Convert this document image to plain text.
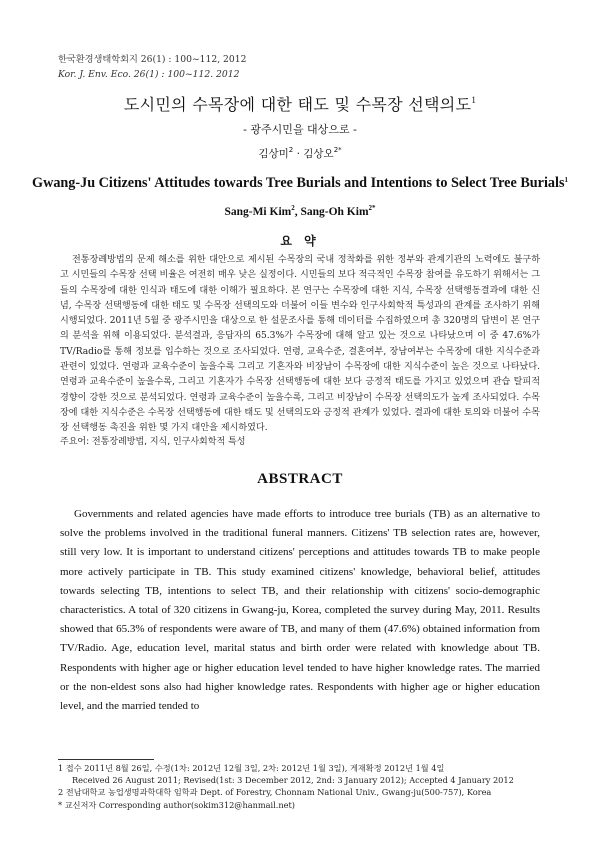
한국환경생태학회지 26(1) : 100~112, 2012
Kor. J. Env. Eco. 26(1) : 100~112. 2012
도시민의 수목장에 대한 태도 및 수목장 선택의도$^1$
- 광주시민을 대상으로 -
김상미$^2$ · 김상오$^{2*}$
Gwang-Ju Citizens' Attitudes towards Tree Burials and Intentions to Select Tree Burials$^1$
Sang-Mi Kim$^2$, Sang-Oh Kim$^{2*}$
요 약
전통장례방법의 문제 해소를 위한 대안으로 제시된 수목장의 국내 정착화를 위한 정부와 관계기관의 노력에도 불구하고 시민들의 수목장 선택 비율은 여전히 매우 낮은 실정이다. 시민들의 보다 적극적인 수목장 참여를 유도하기 위해서는 그들의 수목장에 대한 인식과 태도에 대한 이해가 필요하다. 본 연구는 수목장에 대한 지식, 수목장 선택행동결과에 대한 신념, 수목장 선택행동에 대한 태도 및 수목장 선택의도와 더불어 이들 변수와 인구사회학적 특성과의 관계를 조사하기 위해 시행되었다. 2011년 5월 중 광주시민을 대상으로 한 설문조사를 통해 데이터를 수집하였으며 총 320명의 답변이 본 연구의 분석을 위해 이용되었다. 분석결과, 응답자의 65.3%가 수목장에 대해 알고 있는 것으로 나타났으며 이 중 47.6%가 TV/Radio를 통해 정보를 입수하는 것으로 조사되었다. 연령, 교육수준, 결혼여부, 장남여부는 수목장에 대한 지식수준과 관련이 있었다. 연령과 교육수준이 높을수록 그리고 기혼자와 비장남이 수목장에 대한 지식수준이 높은 것으로 나타났다. 연령과 교육수준이 높을수록, 그리고 기혼자가 수목장 선택행동에 대한 보다 긍정적 태도를 가지고 있었으며 관습 탈피적 경향이 강한 것으로 분석되었다. 연령과 교육수준이 높을수록, 그리고 비장남이 수목장 선택의도가 높게 조사되었다. 수목장에 대한 지식수준은 수목장 선택행동에 대한 태도 및 선택의도와 긍정적 관계가 있었다. 결과에 대한 토의와 더불어 수목장 선택행동 촉진을 위한 몇 가지 대안을 제시하였다.
주요어: 전통장례방법, 지식, 인구사회학적 특성
ABSTRACT
Governments and related agencies have made efforts to introduce tree burials (TB) as an alternative to solve the problems involved in the traditional funeral manners. Citizens' TB selection rates are, however, still very low. It is important to understand citizens' perceptions and attitudes towards TB to make people more actively participate in TB. This study examined citizens' knowledge, behavioral belief, attitudes towards selecting TB, intentions to select TB, and their relationship with citizens' socio-demographic characteristics. A total of 320 citizens in Gwang-ju, Korea, completed the survey during May, 2011. Results showed that 65.3% of respondents were aware of TB, and many of them (47.6%) obtained information from TV/Radio. Age, education level, marital status and birth order were related with knowledge about TB. Respondents with higher age or higher education level tended to have higher knowledge rates. The married or the non-eldest sons also had higher knowledge rates. Respondents with higher age or higher education level, and the married tended to
1 접수 2011년 8월 26일, 수정(1차: 2012년 12월 3일, 2차: 2012년 1월 3일), 게재확정 2012년 1월 4일
Received 26 August 2011; Revised(1st: 3 December 2012, 2nd: 3 January 2012); Accepted 4 January 2012
2 전남대학교 농업생명과학대학 임학과 Dept. of Forestry, Chonnam National Univ., Gwang-ju(500-757), Korea
* 교신저자 Corresponding author(sokim312@hanmail.net)
